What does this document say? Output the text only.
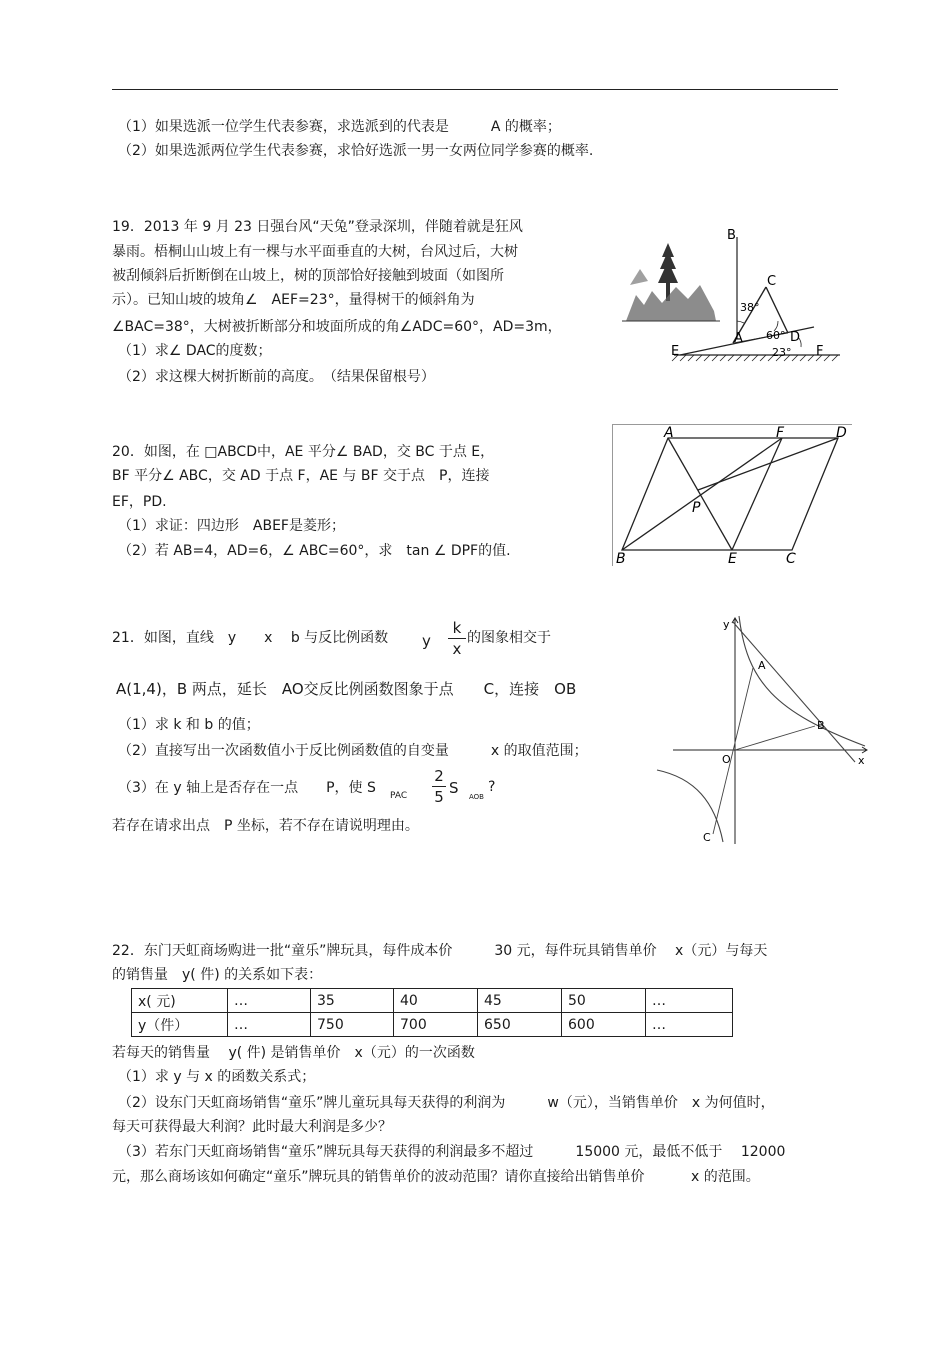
（1）如果选派一位学生代表参赛，求选派到的代表是　　　A 的概率；
（2）如果选派两位学生代表参赛，求恰好选派一男一女两位同学参赛的概率.
19．2013 年 9 月 23 日强台风“天兔”登录深圳，伴随着就是狂风
暴雨。梧桐山山坡上有一棵与水平面垂直的大树，台风过后，大树
被刮倾斜后折断倒在山坡上，树的顶部恰好接触到坡面（如图所
示）。已知山坡的坡角∠　AEF=23°，量得树干的倾斜角为
∠BAC=38°，大树被折断部分和坡面所成的角∠ADC=60°，AD=3m，
（1）求∠ DAC的度数；
（2）求这棵大树折断前的高度。　（结果保留根号）
B
C
38°
A 60° D
E	23° F
20．如图，在 □ABCD中，AE 平分∠ BAD，交 BC 于点 E，
BF 平分∠ ABC，交 AD 于点 F，AE 与 BF 交于点　P，连接
EF，PD.
（1）求证：四边形　ABEF是菱形；
（2）若 AB=4，AD=6，∠ ABC=60°，求　tan ∠ DPF的值.
A	F	D
P
B	E	C
21．如图，直线　y　　x　 b 与反比例函数 y
k
x
的图象相交于
A(1,4)，B 两点，延长　AO交反比例函数图象于点　　C，连接　OB
（1）求 k 和 b 的值；
（2）直接写出一次函数值小于反比例函数值的自变量　　　x 的取值范围；
（3）在 y 轴上是否存在一点　　P，使 S PAC
2
5 S AOB
?
若存在请求出点　P 坐标，若不存在请说明理由。
y
x
A
B
O
C
22．东门天虹商场购进一批“童乐”牌玩具，每件成本价　　　30 元，每件玩具销售单价　 x（元）与每天
的销售量　y( 件) 的关系如下表：
x( 元)	…	35	40	45	50	…
y（件）	…	750	700	650	600	…
若每天的销售量　 y( 件) 是销售单价　x（元）的一次函数
（1）求 y 与 x 的函数关系式；
（2）设东门天虹商场销售“童乐”牌儿童玩具每天获得的利润为　　　w（元），当销售单价　x 为何值时，
每天可获得最大利润？此时最大利润是多少？
（3）若东门天虹商场销售“童乐”牌玩具每天获得的利润最多不超过　　　15000 元，最低不低于　 12000
元，那么商场该如何确定“童乐”牌玩具的销售单价的波动范围？请你直接给出销售单价　　　 x 的范围。
